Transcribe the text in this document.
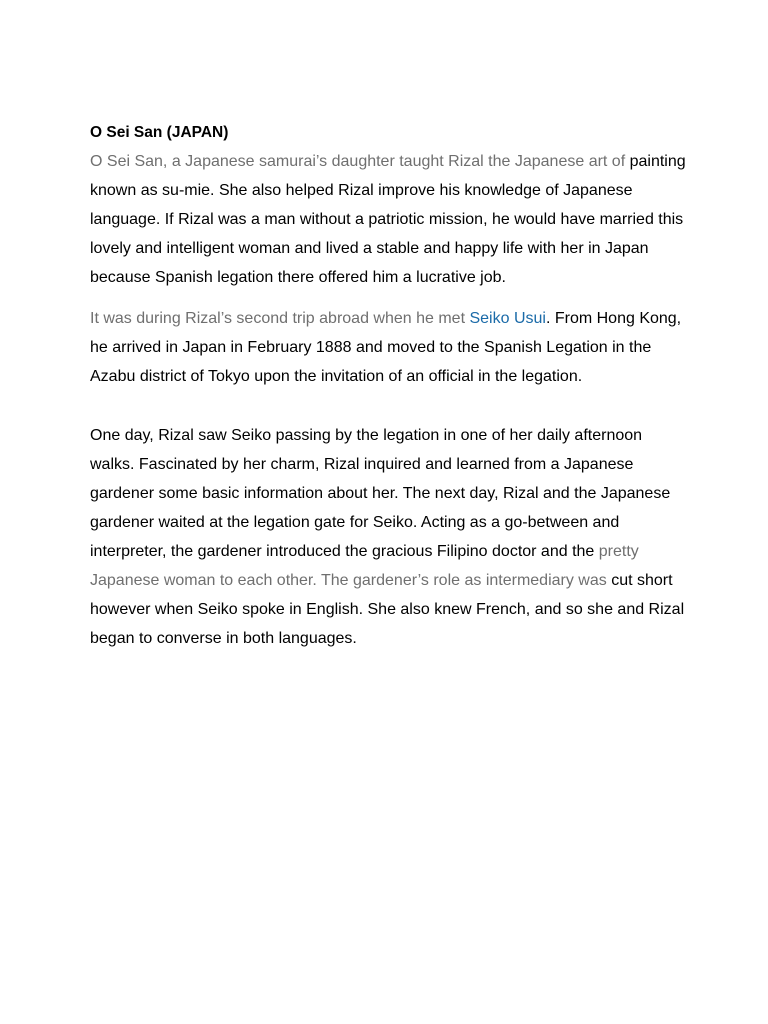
O Sei San (JAPAN)

O Sei San, a Japanese samurai’s daughter taught Rizal the Japanese art of painting known as su-mie. She also helped Rizal improve his knowledge of Japanese language. If Rizal was a man without a patriotic mission, he would have married this lovely and intelligent woman and lived a stable and happy life with her in Japan because Spanish legation there offered him a lucrative job.

It was during Rizal’s second trip abroad when he met Seiko Usui. From Hong Kong, he arrived in Japan in February 1888 and moved to the Spanish Legation in the Azabu district of Tokyo upon the invitation of an official in the legation.

One day, Rizal saw Seiko passing by the legation in one of her daily afternoon walks. Fascinated by her charm, Rizal inquired and learned from a Japanese gardener some basic information about her. The next day, Rizal and the Japanese gardener waited at the legation gate for Seiko. Acting as a go-between and interpreter, the gardener introduced the gracious Filipino doctor and the pretty Japanese woman to each other. The gardener’s role as intermediary was cut short however when Seiko spoke in English. She also knew French, and so she and Rizal began to converse in both languages.
